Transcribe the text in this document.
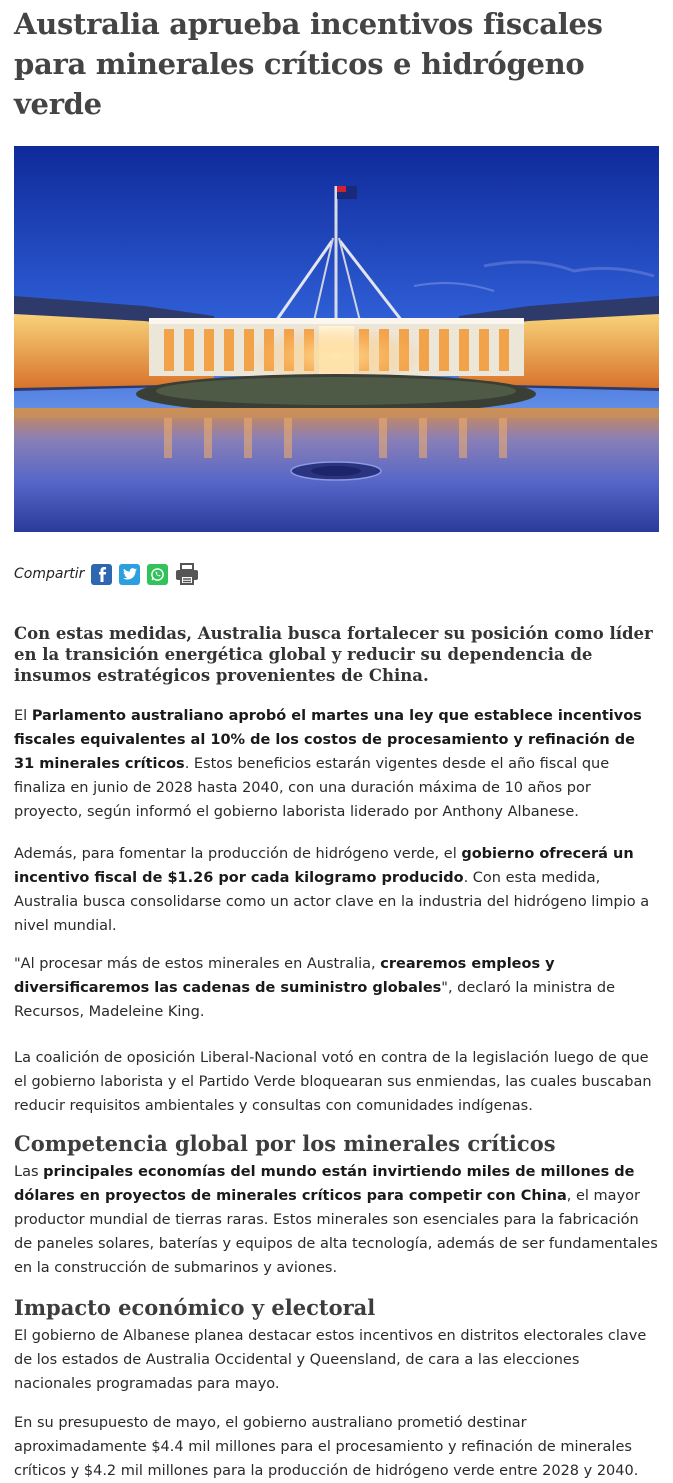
Australia aprueba incentivos fiscales para minerales críticos e hidrógeno verde
Compartir

Con estas medidas, Australia busca fortalecer su posición como líder en la transición energética global y reducir su dependencia de insumos estratégicos provenientes de China.

El Parlamento australiano aprobó el martes una ley que establece incentivos fiscales equivalentes al 10% de los costos de procesamiento y refinación de 31 minerales críticos. Estos beneficios estarán vigentes desde el año fiscal que finaliza en junio de 2028 hasta 2040, con una duración máxima de 10 años por proyecto, según informó el gobierno laborista liderado por Anthony Albanese.

Además, para fomentar la producción de hidrógeno verde, el gobierno ofrecerá un incentivo fiscal de $1.26 por cada kilogramo producido. Con esta medida, Australia busca consolidarse como un actor clave en la industria del hidrógeno limpio a nivel mundial.

"Al procesar más de estos minerales en Australia, crearemos empleos y diversificaremos las cadenas de suministro globales", declaró la ministra de Recursos, Madeleine King.

La coalición de oposición Liberal-Nacional votó en contra de la legislación luego de que el gobierno laborista y el Partido Verde bloquearan sus enmiendas, las cuales buscaban reducir requisitos ambientales y consultas con comunidades indígenas.

Competencia global por los minerales críticos

Las principales economías del mundo están invirtiendo miles de millones de dólares en proyectos de minerales críticos para competir con China, el mayor productor mundial de tierras raras. Estos minerales son esenciales para la fabricación de paneles solares, baterías y equipos de alta tecnología, además de ser fundamentales en la construcción de submarinos y aviones.

Impacto económico y electoral

El gobierno de Albanese planea destacar estos incentivos en distritos electorales clave de los estados de Australia Occidental y Queensland, de cara a las elecciones nacionales programadas para mayo.

En su presupuesto de mayo, el gobierno australiano prometió destinar aproximadamente $4.4 mil millones para el procesamiento y refinación de minerales críticos y $4.2 mil millones para la producción de hidrógeno verde entre 2028 y 2040.
